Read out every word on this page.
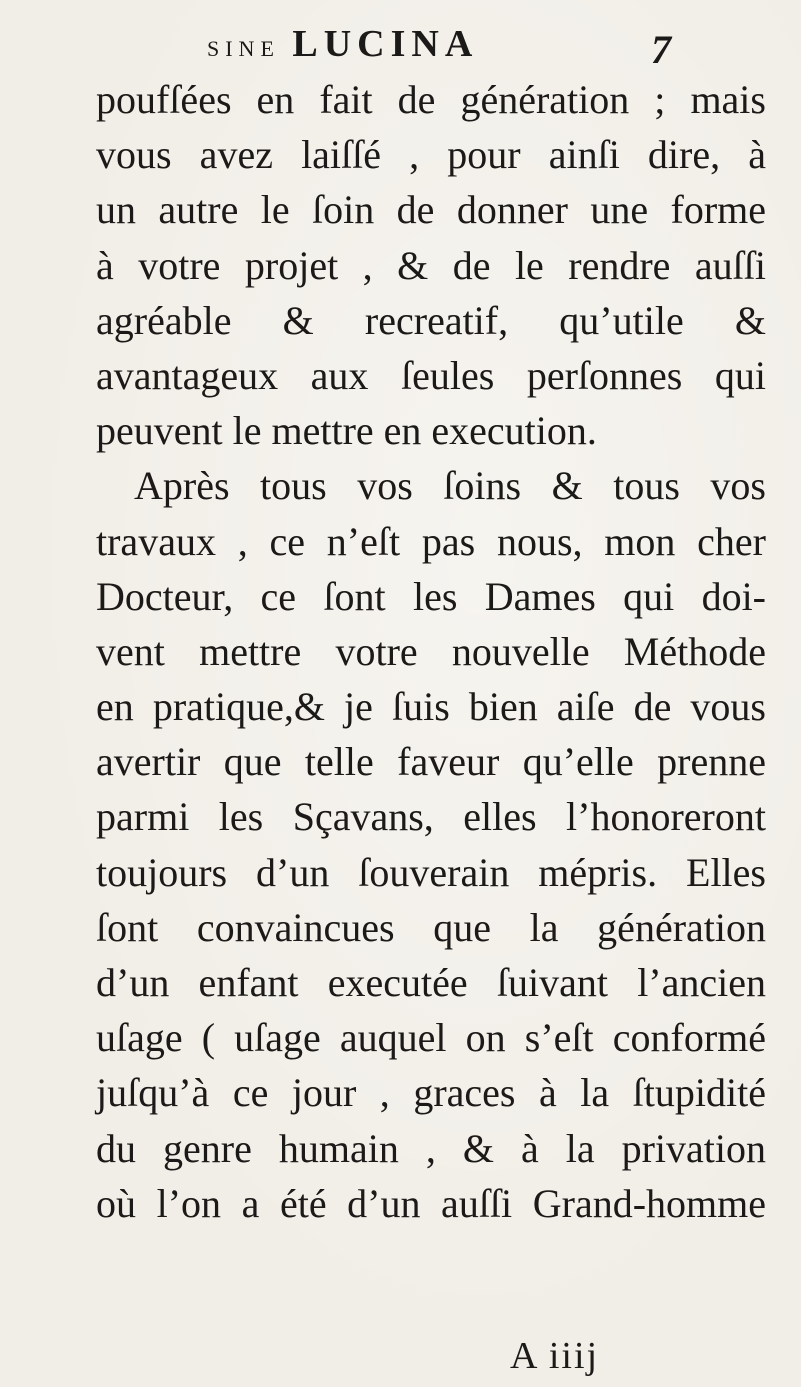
SINE LUCINA	7
poufſées en fait de génération ; mais
vous avez laiſſé , pour ainſi dire, à
un autre le ſoin de donner une forme
à votre projet , & de le rendre auſſi
agréable & recreatif, qu’utile &
avantageux aux ſeules perſonnes qui
peuvent le mettre en execution.
Après tous vos ſoins & tous vos
travaux , ce n’eſt pas nous, mon cher
Docteur, ce ſont les Dames qui doi-
vent mettre votre nouvelle Méthode
en pratique,& je ſuis bien aiſe de vous
avertir que telle faveur qu’elle prenne
parmi les Sçavans, elles l’honoreront
toujours d’un ſouverain mépris. Elles
ſont convaincues que la génération
d’un enfant executée ſuivant l’ancien
uſage ( uſage auquel on s’eſt conformé
juſqu’à ce jour , graces à la ſtupidité
du genre humain , & à la privation
où l’on a été d’un auſſi Grand-homme
A iiij
